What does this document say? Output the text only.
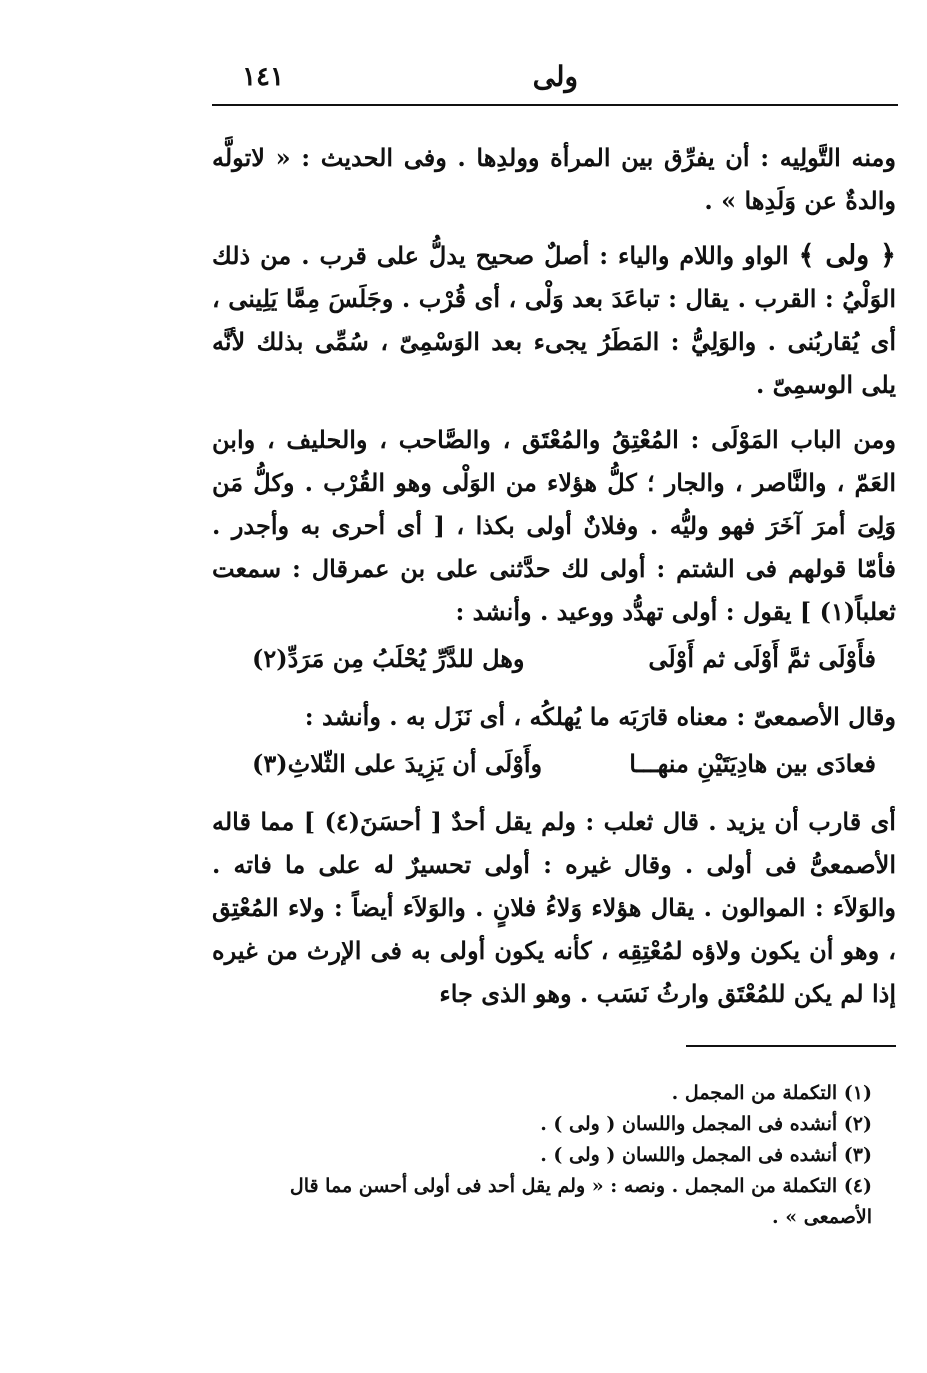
١٤١	ولى

ومنه التَّولِيه : أن يفرِّق بين المرأة وولدِها . وفى الحديث : « لاتولَّه والدةٌ عن وَلَدِها » .

﴿ ولى ﴾ الواو واللام والياء : أصلٌ صحيح يدلُّ على قرب . من ذلك الوَلْيُ : القرب . يقال : تباعَدَ بعد وَلْى ، أى قُرْب . وجَلَسَ مِمَّا يَلِينى ، أى يُقاربُنى . والوَلِيُّ : المَطَرُ يجىء بعد الوَسْمِىّ ، سُمِّى بذلك لأنَّه يلى الوسمِىّ .

ومن الباب المَوْلَى : المُعْتِقُ والمُعْتَق ، والصَّاحب ، والحليف ، وابن العَمّ ، والنَّاصر ، والجار ؛ كلُّ هؤلاء من الوَلْى وهو القُرْب . وكلُّ مَن وَلِىَ أمرَ آخَرَ فهو وليُّه . وفلانٌ أولى بكذا ، [ أى أحرى به وأجدر . فأمّا قولهم فى الشتم : أولى لك حدَّثنى على بن عمرقال : سمعت ثعلباً(١) ] يقول : أولى تهدُّد ووعيد . وأنشد :

فأَوْلَى ثمَّ أَوْلَى ثم أَوْلَى
وهل للدَّرِّ يُحْلَبُ مِن مَرَدِّ(٢)

وقال الأصمعىّ : معناه قارَبَه ما يُهلكُه ، أى نَزَل به . وأنشد :

فعادَى بين هادِيَتَيْنِ منهـــا
وأَوْلَى أن يَزِيدَ على الثّلاثِ(٣)

أى قارب أن يزيد . قال ثعلب : ولم يقل أحدٌ [ أحسَنَ(٤) ] مما قاله الأصمعىُّ فى أولى . وقال غيره : أولى تحسيرٌ له على ما فاته . والوَلاَء : الموالون . يقال هؤلاء وَلاءُ فلانٍ . والوَلاَء أيضاً : ولاء المُعْتِق ، وهو أن يكون ولاؤه لمُعْتِقِه ، كأنه يكون أولى به فى الإرث من غيره إذا لم يكن للمُعْتَق وارثُ نَسَب . وهو الذى جاء

(١) التكملة من المجمل .
(٢) أنشده فى المجمل واللسان ( ولى ) .
(٣) أنشده فى المجمل واللسان ( ولى ) .
(٤) التكملة من المجمل . ونصه : « ولم يقل أحد فى أولى أحسن مما قال الأصمعى » .
